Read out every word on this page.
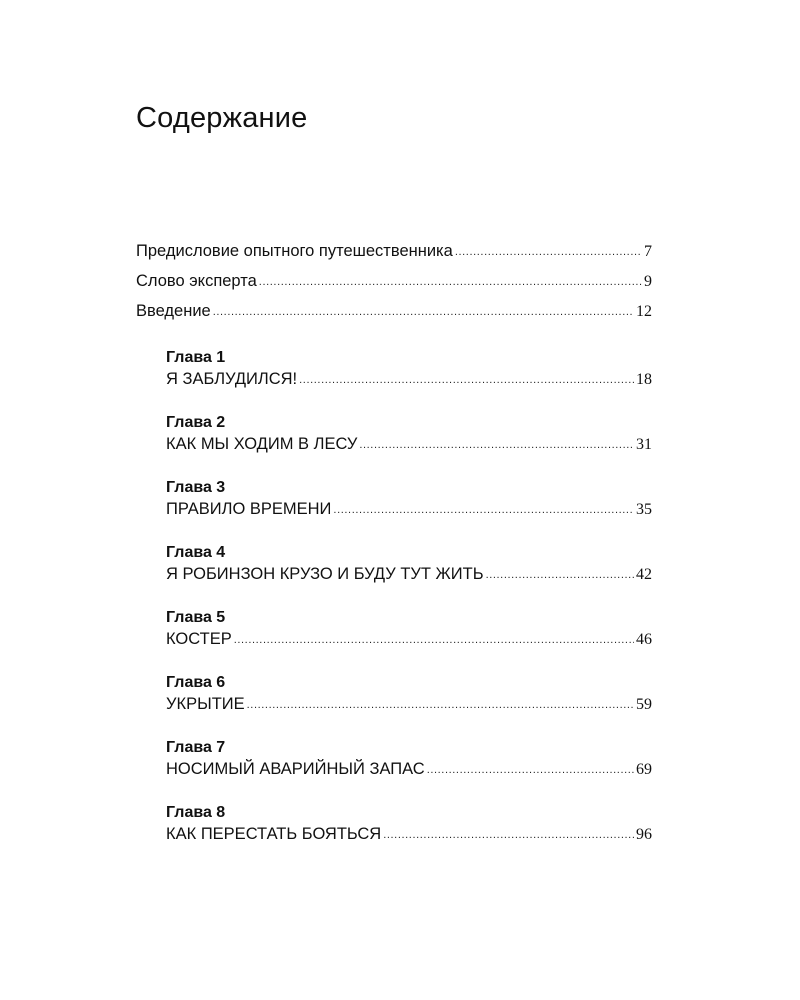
Содержание
Предисловие опытного путешественника .....	7
Слово эксперта .....	9
Введение .....	12
Глава 1
Я ЗАБЛУДИЛСЯ! .....	18
Глава 2
КАК МЫ ХОДИМ В ЛЕСУ .....	31
Глава 3
ПРАВИЛО ВРЕМЕНИ .....	35
Глава 4
Я РОБИНЗОН КРУЗО И БУДУ ТУТ ЖИТЬ .....	42
Глава 5
КОСТЕР .....	46
Глава 6
УКРЫТИЕ .....	59
Глава 7
НОСИМЫЙ АВАРИЙНЫЙ ЗАПАС .....	69
Глава 8
КАК ПЕРЕСТАТЬ БОЯТЬСЯ .....	96
